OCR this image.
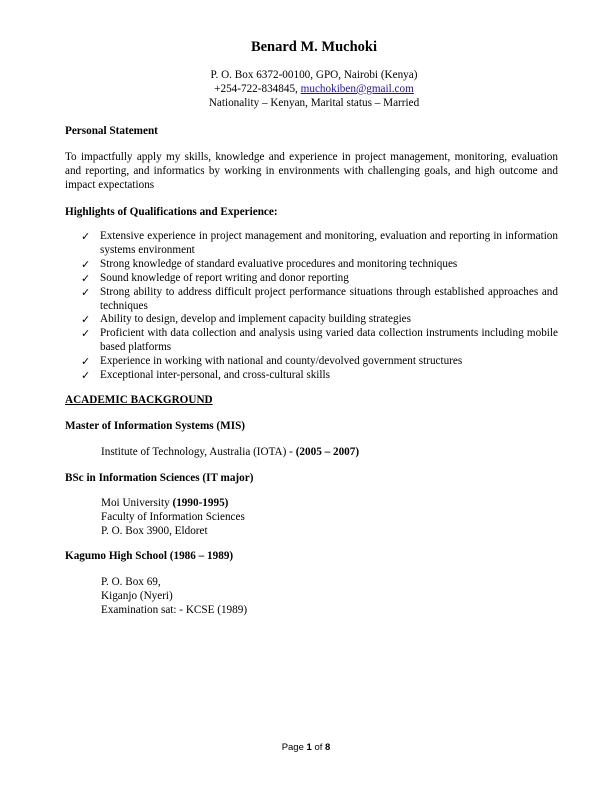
Benard M. Muchoki
P. O. Box 6372-00100, GPO, Nairobi (Kenya)
+254-722-834845, muchokiben@gmail.com
Nationality – Kenyan, Marital status – Married
Personal Statement
To impactfully apply my skills, knowledge and experience in project management, monitoring, evaluation and reporting, and informatics by working in environments with challenging goals, and high outcome and impact expectations
Highlights of Qualifications and Experience:
✓ Extensive experience in project management and monitoring, evaluation and reporting in information systems environment
✓ Strong knowledge of standard evaluative procedures and monitoring techniques
✓ Sound knowledge of report writing and donor reporting
✓ Strong ability to address difficult project performance situations through established approaches and techniques
✓ Ability to design, develop and implement capacity building strategies
✓ Proficient with data collection and analysis using varied data collection instruments including mobile based platforms
✓ Experience in working with national and county/devolved government structures
✓ Exceptional inter-personal, and cross-cultural skills
ACADEMIC BACKGROUND
Master of Information Systems (MIS)
Institute of Technology, Australia (IOTA) - (2005 – 2007)
BSc in Information Sciences (IT major)
Moi University (1990-1995)
Faculty of Information Sciences
P. O. Box 3900, Eldoret
Kagumo High School (1986 – 1989)
P. O. Box 69,
Kiganjo (Nyeri)
Examination sat: - KCSE (1989)
Page 1 of 8
